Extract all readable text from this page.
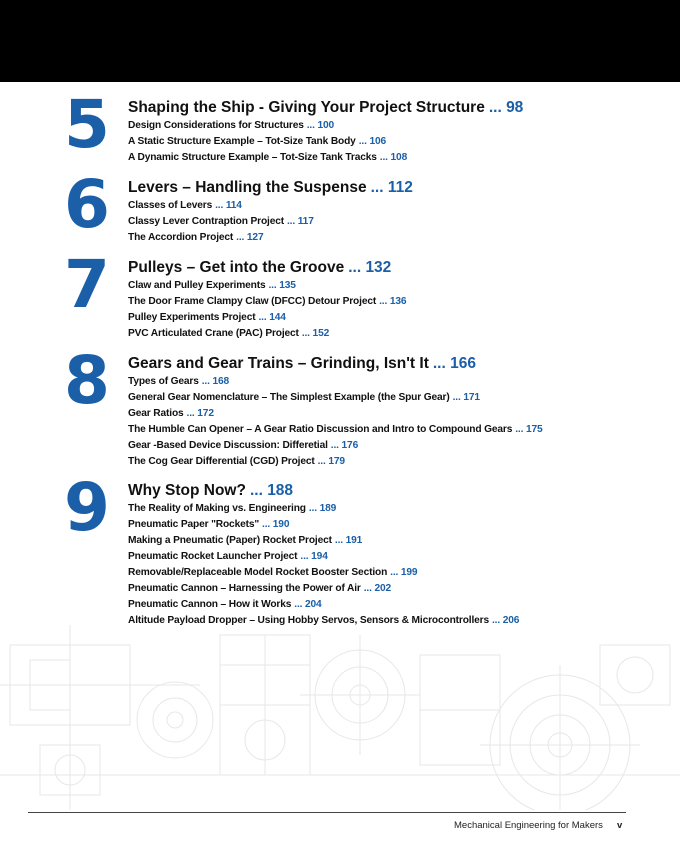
5	Shaping the Ship - Giving Your Project Structure ... 98
Design Considerations for Structures ... 100
A Static Structure Example – Tot-Size Tank Body ... 106
A Dynamic Structure Example – Tot-Size Tank Tracks ... 108
6	Levers – Handling the Suspense ... 112
Classes of Levers ... 114
Classy Lever Contraption Project ... 117
The Accordion Project ... 127
7	Pulleys – Get into the Groove ... 132
Claw and Pulley Experiments ... 135
The Door Frame Clampy Claw (DFCC) Detour Project ... 136
Pulley Experiments Project ... 144
PVC Articulated Crane (PAC) Project ... 152
8	Gears and Gear Trains – Grinding, Isn't It ... 166
Types of Gears ... 168
General Gear Nomenclature – The Simplest Example (the Spur Gear) ... 171
Gear Ratios ... 172
The Humble Can Opener – A Gear Ratio Discussion and Intro to Compound Gears ... 175
Gear -Based Device Discussion: Differetial ... 176
The Cog Gear Differential (CGD) Project ... 179
9	Why Stop Now? ... 188
The Reality of Making vs. Engineering ... 189
Pneumatic Paper "Rockets" ... 190
Making a Pneumatic (Paper) Rocket Project ... 191
Pneumatic Rocket Launcher Project ... 194
Removable/Replaceable Model Rocket Booster Section ... 199
Pneumatic Cannon – Harnessing the Power of Air ... 202
Pneumatic Cannon – How it Works ... 204
Altitude Payload Dropper – Using Hobby Servos, Sensors & Microcontrollers ... 206
Mechanical Engineering for Makers v
